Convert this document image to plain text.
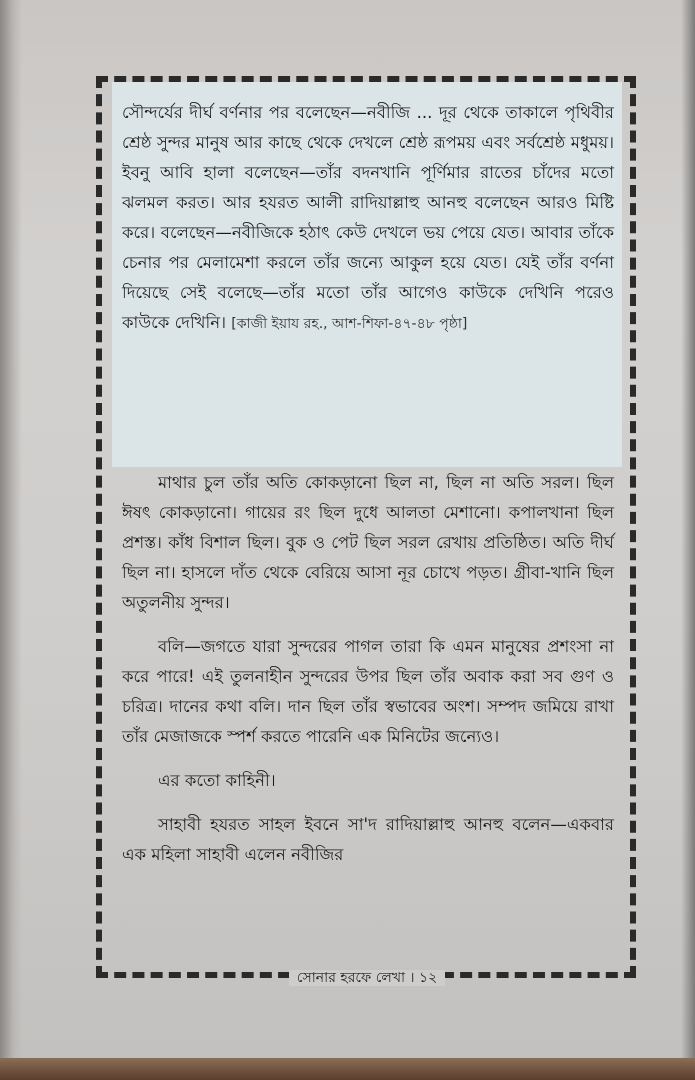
সৌন্দর্যের দীর্ঘ বর্ণনার পর বলেছেন—নবীজি ... দূর থেকে তাকালে পৃথিবীর শ্রেষ্ঠ সুন্দর মানুষ আর কাছে থেকে দেখলে শ্রেষ্ঠ রূপময় এবং সর্বশ্রেষ্ঠ মধুময়। ইবনু আবি হালা বলেছেন—তাঁর বদনখানি পূর্ণিমার রাতের চাঁদের মতো ঝলমল করত। আর হযরত আলী রাদিয়াল্লাহু আনহু বলেছেন আরও মিষ্টি করে। বলেছেন—নবীজিকে হঠাৎ কেউ দেখলে ভয় পেয়ে যেত। আবার তাঁকে চেনার পর মেলামেশা করলে তাঁর জন্যে আকুল হয়ে যেত। যেই তাঁর বর্ণনা দিয়েছে সেই বলেছে—তাঁর মতো তাঁর আগেও কাউকে দেখিনি পরেও কাউকে দেখিনি। [কাজী ইয়ায রহ., আশ-শিফা-৪৭-৪৮ পৃষ্ঠা]

মাথার চুল তাঁর অতি কোকড়ানো ছিল না, ছিল না অতি সরল। ছিল ঈষৎ কোকড়ানো। গায়ের রং ছিল দুধে আলতা মেশানো। কপালখানা ছিল প্রশস্ত। কাঁধ বিশাল ছিল। বুক ও পেট ছিল সরল রেখায় প্রতিষ্ঠিত। অতি দীর্ঘ ছিল না। হাসলে দাঁত থেকে বেরিয়ে আসা নূর চোখে পড়ত। গ্রীবা-খানি ছিল অতুলনীয় সুন্দর।

বলি—জগতে যারা সুন্দরের পাগল তারা কি এমন মানুষের প্রশংসা না করে পারে! এই তুলনাহীন সুন্দরের উপর ছিল তাঁর অবাক করা সব গুণ ও চরিত্র। দানের কথা বলি। দান ছিল তাঁর স্বভাবের অংশ। সম্পদ জমিয়ে রাখা তাঁর মেজাজকে স্পর্শ করতে পারেনি এক মিনিটের জন্যেও।

এর কতো কাহিনী।

সাহাবী হযরত সাহল ইবনে সা'দ রাদিয়াল্লাহু আনহু বলেন—একবার এক মহিলা সাহাবী এলেন নবীজির

সোনার হরফে লেখা । ১২
